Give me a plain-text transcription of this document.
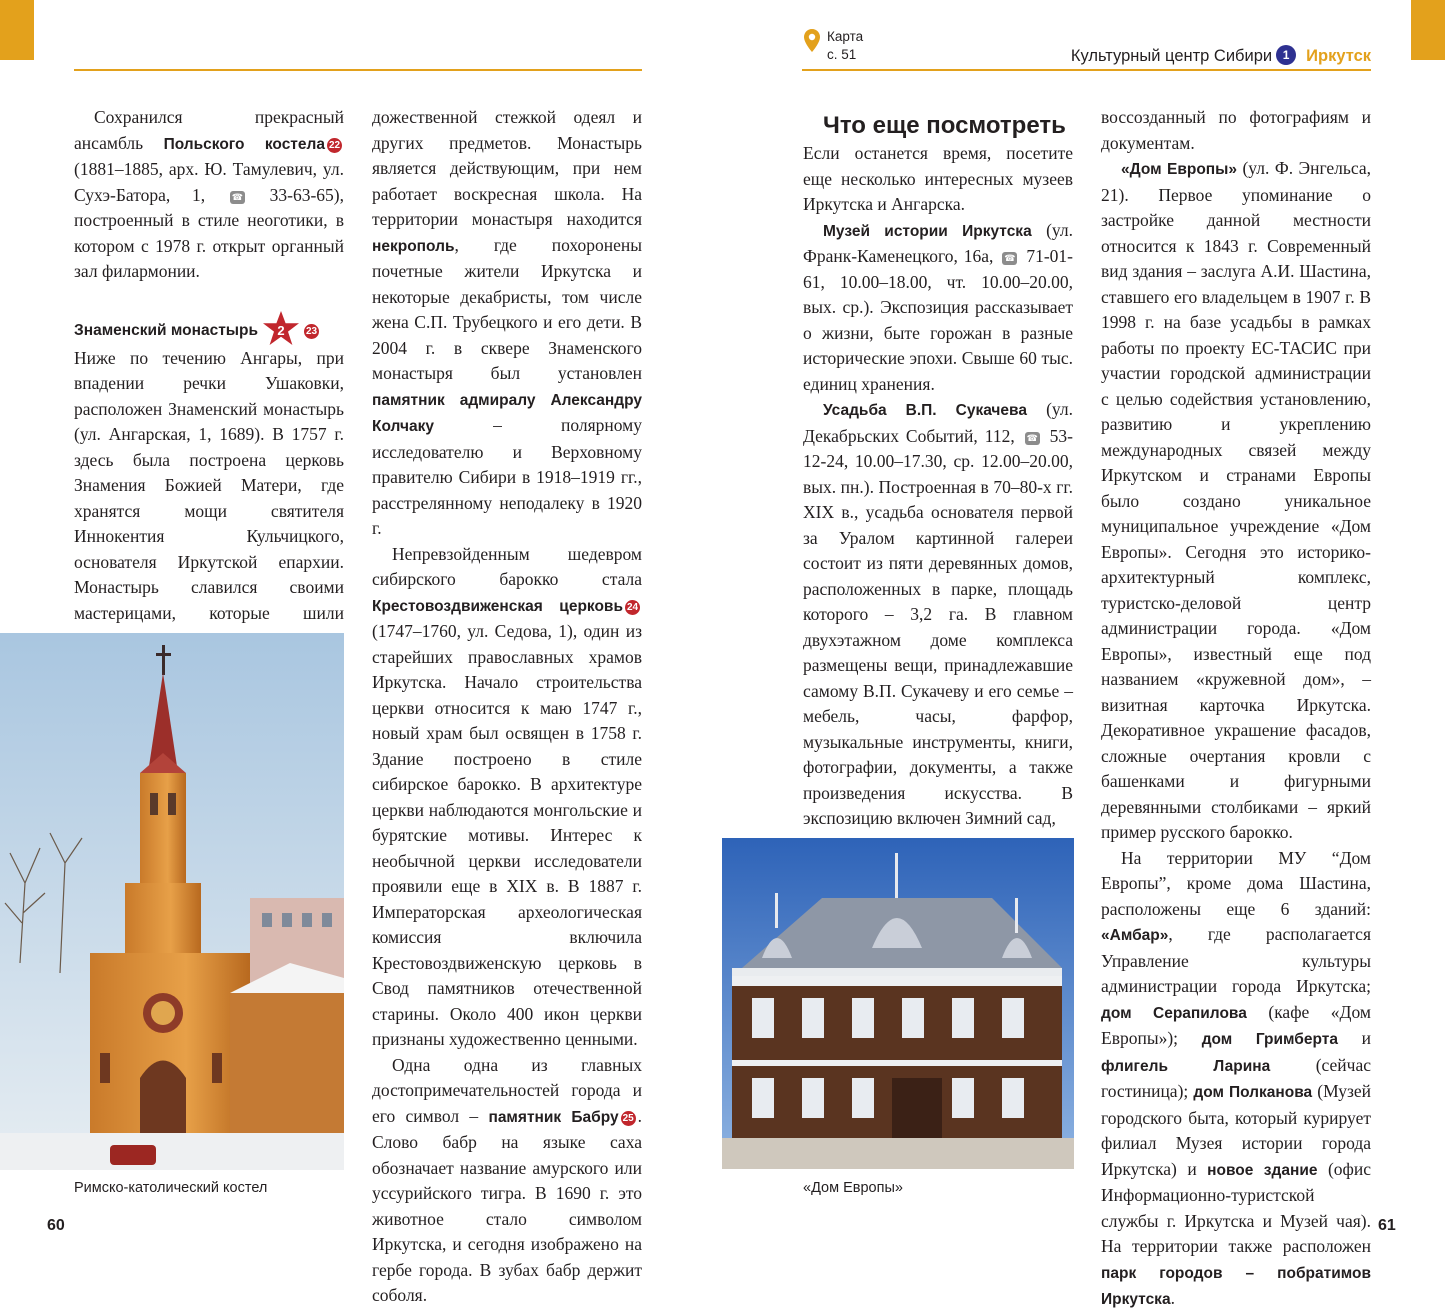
Карта
с. 51	Культурный центр Сибири 1 Иркутск

Сохранился прекрасный ансамбль Польского костела 22 (1881–1885, арх. Ю. Тамулевич, ул. Сухэ-Батора, 1, ☎ 33-63-65), построенный в стиле неоготики, в котором с 1978 г. открыт органный зал филармонии.

Знаменский монастырь 2 23

Ниже по течению Ангары, при впадении речки Ушаковки, расположен Знаменский монастырь (ул. Ангарская, 1, 1689). В 1757 г. здесь была построена церковь Знамения Божией Матери, где хранятся мощи святителя Иннокентия Кульчицкого, основателя Иркутской епархии. Монастырь славился своими мастерицами, которые шили

дожественной стежкой одеял и других предметов. Монастырь является действующим, при нем работает воскресная школа. На территории монастыря находится некрополь, где похоронены почетные жители Иркутска и некоторые декабристы, том числе жена С.П. Трубецкого и его дети. В 2004 г. в сквере Знаменского монастыря был установлен памятник адмиралу Александру Колчаку – полярному исследователю и Верховному правителю Сибири в 1918–1919 гг., расстрелянному неподалеку в 1920 г.

Непревзойденным шедевром сибирского барокко стала Крестовоздвиженская церковь 24 (1747–1760, ул. Седова, 1), один из старейших православных храмов Иркутска. Начало строительства церкви относится к маю 1747 г., новый храм был освящен в 1758 г. Здание построено в стиле сибирское барокко. В архитектуре церкви наблюдаются монгольские и бурятские мотивы. Интерес к необычной церкви исследователи проявили еще в XIX в. В 1887 г. Императорская археологическая комиссия включила Крестовоздвиженскую церковь в Свод памятников отечественной старины. Около 400 икон церкви признаны художественно ценными.

Одна одна из главных достопримечательностей города и его символ – памятник Бабру 25 . Слово бабр на языке саха обозначает название амурского или уссурийского тигра. В 1690 г. это животное стало символом Иркутска, и сегодня изображено на гербе города. В зубах бабр держит соболя.

Что еще посмотреть

Если останется время, посетите еще несколько интересных музеев Иркутска и Ангарска.

Музей истории Иркутска (ул. Франк-Каменецкого, 16а, ☎ 71-01-61, 10.00–18.00, чт. 10.00–20.00, вых. ср.). Экспозиция рассказывает о жизни, быте горожан в разные исторические эпохи. Свыше 60 тыс. единиц хранения.

Усадьба В.П. Сукачева (ул. Декабрьских Событий, 112, ☎ 53-12-24, 10.00–17.30, ср. 12.00–20.00, вых. пн.). Построенная в 70–80-х гг. XIX в., усадьба основателя первой за Уралом картинной галереи состоит из пяти деревянных домов, расположенных в парке, площадь которого – 3,2 га. В главном двухэтажном доме комплекса размещены вещи, принадлежавшие самому В.П. Сукачеву и его семье – мебель, часы, фарфор, музыкальные инструменты, книги, фотографии, документы, а также произведения искусства. В экспозицию включен Зимний сад,

воссозданный по фотографиям и документам.

«Дом Европы» (ул. Ф. Энгельса, 21). Первое упоминание о застройке данной местности относится к 1843 г. Современный вид здания – заслуга А.И. Шастина, ставшего его владельцем в 1907 г. В 1998 г. на базе усадьбы в рамках работы по проекту ЕС-ТАСИС при участии городской администрации с целью содействия установлению, развитию и укреплению международных связей между Иркутском и странами Европы было создано уникальное муниципальное учреждение «Дом Европы». Сегодня это историко-архитектурный комплекс, туристско-деловой центр администрации города. «Дом Европы», известный еще под названием «кружевной дом», – визитная карточка Иркутска. Декоративное украшение фасадов, сложные очертания кровли с башенками и фигурными деревянными столбиками – яркий пример русского барокко.

На территории МУ “Дом Европы”, кроме дома Шастина, расположены еще 6 зданий: «Амбар», где располагается Управление культуры администрации города Иркутска; дом Серапилова (кафе «Дом Европы»); дом Гримберта и флигель Ларина (сейчас гостиница); дом Полканова (Музей городского быта, который курирует филиал Музея истории города Иркутска) и новое здание (офис Информационно-туристской службы г. Иркутска и Музей чая). На территории также расположен парк городов – побратимов Иркутска.

Римско-католический костел	«Дом Европы»
60	61
